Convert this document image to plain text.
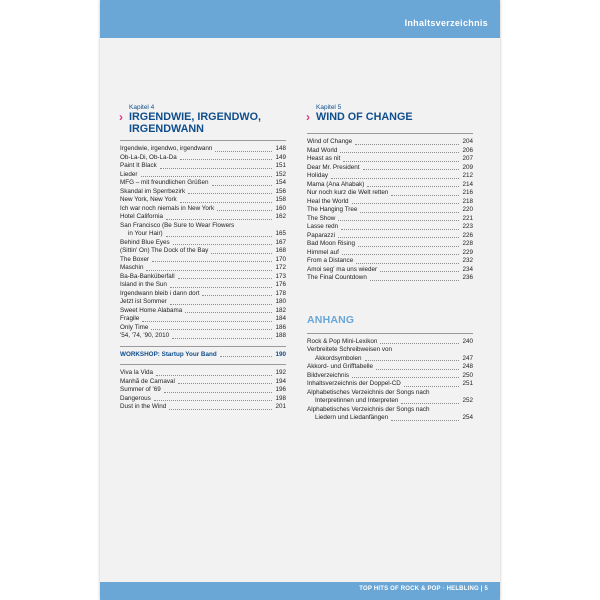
Inhaltsverzeichnis
Kapitel 4
› IRGENDWIE, IRGENDWO,
IRGENDWANN
Irgendwie, irgendwo, irgendwann	148
Ob-La-Di, Ob-La-Da	149
Paint It Black	151
Lieder	152
MFG – mit freundlichen Grüßen	154
Skandal im Sperrbezirk	156
New York, New York	158
Ich war noch niemals in New York	160
Hotel California	162
San Francisco (Be Sure to Wear Flowers
in Your Hair)	165
Behind Blue Eyes	167
(Sittin' On) The Dock of the Bay	168
The Boxer	170
Maschin	172
Ba-Ba-Banküberfall	173
Island in the Sun	176
Irgendwann bleib i dann dort	178
Jetzt ist Sommer	180
Sweet Home Alabama	182
Fragile	184
Only Time	186
'54, '74, '90, 2010	188
WORKSHOP: Startup Your Band	190
Viva la Vida	192
Manhã de Carnaval	194
Summer of '69	196
Dangerous	198
Dust in the Wind	201
Kapitel 5
› WIND OF CHANGE
Wind of Change	204
Mad World	206
Heast as nit	207
Dear Mr. President	209
Holiday	212
Mama (Ana Ahabak)	214
Nur noch kurz die Welt retten	216
Heal the World	218
The Hanging Tree	220
The Show	221
Lasse redn	223
Paparazzi	226
Bad Moon Rising	228
Himmel auf	229
From a Distance	232
Amoi seg' ma uns wieder	234
The Final Countdown	236
ANHANG
Rock & Pop Mini-Lexikon	240
Verbreitete Schreibweisen von
Akkordsymbolen	247
Akkord- und Grifftabelle	248
Bildverzeichnis	250
Inhaltsverzeichnis der Doppel-CD	251
Alphabetisches Verzeichnis der Songs nach
Interpretinnen und Interpreten	252
Alphabetisches Verzeichnis der Songs nach
Liedern und Liedanfängen	254
TOP HITS OF ROCK & POP · HELBLING | 5
